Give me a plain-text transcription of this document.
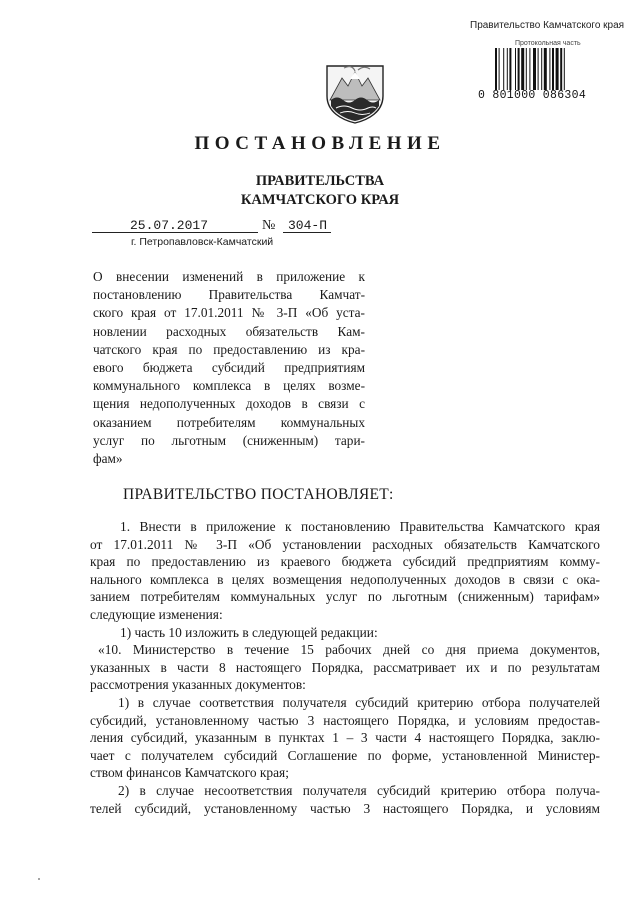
Правительство Камчатского края
Протокольная часть
0 801000 086304
ПОСТАНОВЛЕНИЕ
ПРАВИТЕЛЬСТВА
КАМЧАТСКОГО КРАЯ
25.07.2017	№ 304-П
г. Петропавловск-Камчатский
О внесении изменений в приложение к
постановлению Правительства Камчат-
ского края от 17.01.2011 № 3-П «Об уста-
новлении расходных обязательств Кам-
чатского края по предоставлению из кра-
евого бюджета субсидий предприятиям
коммунального комплекса в целях возме-
щения недополученных доходов в связи с
оказанием потребителям коммунальных
услуг по льготным (сниженным) тари-
фам»
ПРАВИТЕЛЬСТВО ПОСТАНОВЛЯЕТ:
1. Внести в приложение к постановлению Правительства Камчатского края
от 17.01.2011 № 3-П «Об установлении расходных обязательств Камчатского
края по предоставлению из краевого бюджета субсидий предприятиям комму-
нального комплекса в целях возмещения недополученных доходов в связи с ока-
занием потребителям коммунальных услуг по льготным (сниженным) тарифам»
следующие изменения:
1) часть 10 изложить в следующей редакции:
«10. Министерство в течение 15 рабочих дней со дня приема документов,
указанных в части 8 настоящего Порядка, рассматривает их и по результатам
рассмотрения указанных документов:
1) в случае соответствия получателя субсидий критерию отбора получателей
субсидий, установленному частью 3 настоящего Порядка, и условиям предостав-
ления субсидий, указанным в пунктах 1 – 3 части 4 настоящего Порядка, заклю-
чает с получателем субсидий Соглашение по форме, установленной Министер-
ством финансов Камчатского края;
2) в случае несоответствия получателя субсидий критерию отбора получа-
телей субсидий, установленному частью 3 настоящего Порядка, и условиям
